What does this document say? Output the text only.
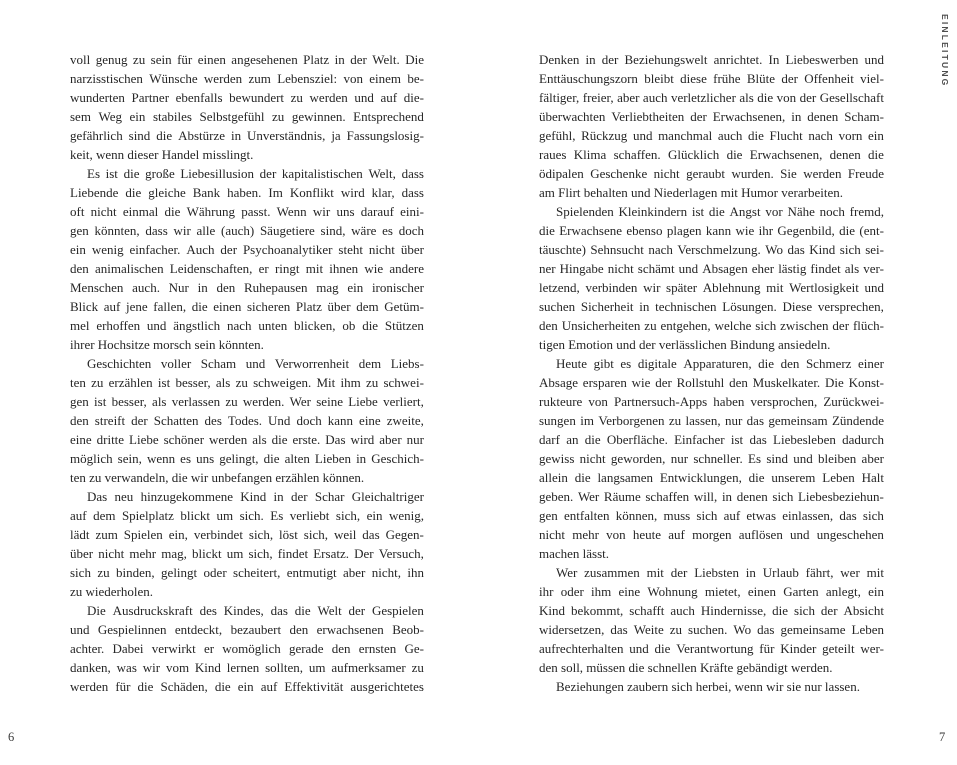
voll genug zu sein für einen angesehenen Platz in der Welt. Die
narzisstischen Wünsche werden zum Lebensziel: von einem be-
wunderten Partner ebenfalls bewundert zu werden und auf die-
sem Weg ein stabiles Selbstgefühl zu gewinnen. Entsprechend
gefährlich sind die Abstürze in Unverständnis, ja Fassungslosig-
keit, wenn dieser Handel misslingt.
Es ist die große Liebesillusion der kapitalistischen Welt, dass
Liebende die gleiche Bank haben. Im Konflikt wird klar, dass
oft nicht einmal die Währung passt. Wenn wir uns darauf eini-
gen könnten, dass wir alle (auch) Säugetiere sind, wäre es doch
ein wenig einfacher. Auch der Psychoanalytiker steht nicht über
den animalischen Leidenschaften, er ringt mit ihnen wie andere
Menschen auch. Nur in den Ruhepausen mag ein ironischer
Blick auf jene fallen, die einen sicheren Platz über dem Getüm-
mel erhoffen und ängstlich nach unten blicken, ob die Stützen
ihrer Hochsitze morsch sein könnten.
Geschichten voller Scham und Verworrenheit dem Liebs-
ten zu erzählen ist besser, als zu schweigen. Mit ihm zu schwei-
gen ist besser, als verlassen zu werden. Wer seine Liebe verliert,
den streift der Schatten des Todes. Und doch kann eine zweite,
eine dritte Liebe schöner werden als die erste. Das wird aber nur
möglich sein, wenn es uns gelingt, die alten Lieben in Geschich-
ten zu verwandeln, die wir unbefangen erzählen können.
Das neu hinzugekommene Kind in der Schar Gleichaltriger
auf dem Spielplatz blickt um sich. Es verliebt sich, ein wenig,
lädt zum Spielen ein, verbindet sich, löst sich, weil das Gegen-
über nicht mehr mag, blickt um sich, findet Ersatz. Der Versuch,
sich zu binden, gelingt oder scheitert, entmutigt aber nicht, ihn
zu wiederholen.
Die Ausdruckskraft des Kindes, das die Welt der Gespielen
und Gespielinnen entdeckt, bezaubert den erwachsenen Beob-
achter. Dabei verwirkt er womöglich gerade den ernsten Ge-
danken, was wir vom Kind lernen sollten, um aufmerksamer zu
werden für die Schäden, die ein auf Effektivität ausgerichtetes
Denken in der Beziehungswelt anrichtet. In Liebeswerben und
Enttäuschungszorn bleibt diese frühe Blüte der Offenheit viel-
fältiger, freier, aber auch verletzlicher als die von der Gesellschaft
überwachten Verliebtheiten der Erwachsenen, in denen Scham-
gefühl, Rückzug und manchmal auch die Flucht nach vorn ein
raues Klima schaffen. Glücklich die Erwachsenen, denen die
ödipalen Geschenke nicht geraubt wurden. Sie werden Freude
am Flirt behalten und Niederlagen mit Humor verarbeiten.
Spielenden Kleinkindern ist die Angst vor Nähe noch fremd,
die Erwachsene ebenso plagen kann wie ihr Gegenbild, die (ent-
täuschte) Sehnsucht nach Verschmelzung. Wo das Kind sich sei-
ner Hingabe nicht schämt und Absagen eher lästig findet als ver-
letzend, verbinden wir später Ablehnung mit Wertlosigkeit und
suchen Sicherheit in technischen Lösungen. Diese versprechen,
den Unsicherheiten zu entgehen, welche sich zwischen der flüch-
tigen Emotion und der verlässlichen Bindung ansiedeln.
Heute gibt es digitale Apparaturen, die den Schmerz einer
Absage ersparen wie der Rollstuhl den Muskelkater. Die Konst-
rukteure von Partnersuch-Apps haben versprochen, Zurückwei-
sungen im Verborgenen zu lassen, nur das gemeinsam Zündende
darf an die Oberfläche. Einfacher ist das Liebesleben dadurch
gewiss nicht geworden, nur schneller. Es sind und bleiben aber
allein die langsamen Entwicklungen, die unserem Leben Halt
geben. Wer Räume schaffen will, in denen sich Liebesbeziehun-
gen entfalten können, muss sich auf etwas einlassen, das sich
nicht mehr von heute auf morgen auflösen und ungeschehen
machen lässt.
Wer zusammen mit der Liebsten in Urlaub fährt, wer mit
ihr oder ihm eine Wohnung mietet, einen Garten anlegt, ein
Kind bekommt, schafft auch Hindernisse, die sich der Absicht
widersetzen, das Weite zu suchen. Wo das gemeinsame Leben
aufrechterhalten und die Verantwortung für Kinder geteilt wer-
den soll, müssen die schnellen Kräfte gebändigt werden.
Beziehungen zaubern sich herbei, wenn wir sie nur lassen.
EINLEITUNG
6	7
